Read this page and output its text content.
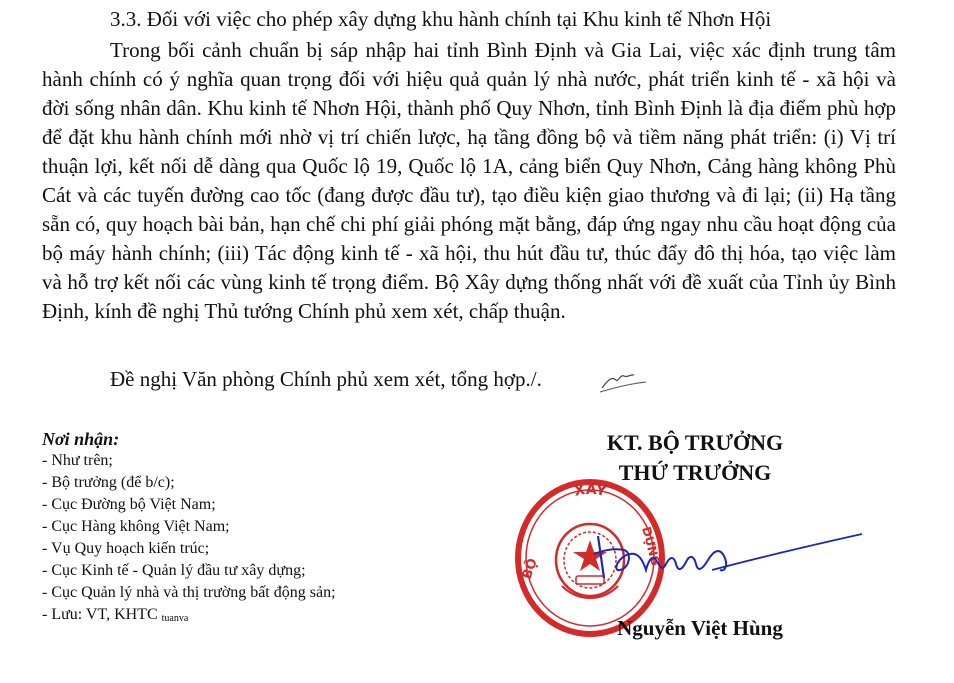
3.3. Đối với việc cho phép xây dựng khu hành chính tại Khu kinh tế Nhơn Hội

Trong bối cảnh chuẩn bị sáp nhập hai tỉnh Bình Định và Gia Lai, việc xác định trung tâm hành chính có ý nghĩa quan trọng đối với hiệu quả quản lý nhà nước, phát triển kinh tế - xã hội và đời sống nhân dân. Khu kinh tế Nhơn Hội, thành phố Quy Nhơn, tỉnh Bình Định là địa điểm phù hợp để đặt khu hành chính mới nhờ vị trí chiến lược, hạ tầng đồng bộ và tiềm năng phát triển: (i) Vị trí thuận lợi, kết nối dễ dàng qua Quốc lộ 19, Quốc lộ 1A, cảng biển Quy Nhơn, Cảng hàng không Phù Cát và các tuyến đường cao tốc (đang được đầu tư), tạo điều kiện giao thương và đi lại; (ii) Hạ tầng sẵn có, quy hoạch bài bản, hạn chế chi phí giải phóng mặt bằng, đáp ứng ngay nhu cầu hoạt động của bộ máy hành chính; (iii) Tác động kinh tế - xã hội, thu hút đầu tư, thúc đẩy đô thị hóa, tạo việc làm và hỗ trợ kết nối các vùng kinh tế trọng điểm. Bộ Xây dựng thống nhất với đề xuất của Tỉnh ủy Bình Định, kính đề nghị Thủ tướng Chính phủ xem xét, chấp thuận.

Đề nghị Văn phòng Chính phủ xem xét, tổng hợp./.
Nơi nhận:
- Như trên;
- Bộ trưởng (để b/c);
- Cục Đường bộ Việt Nam;
- Cục Hàng không Việt Nam;
- Vụ Quy hoạch kiến trúc;
- Cục Kinh tế - Quản lý đầu tư xây dựng;
- Cục Quản lý nhà và thị trường bất động sản;
- Lưu: VT, KHTC tuanva
KT. BỘ TRƯỞNG
THỨ TRƯỞNG
XÂY
BỘ
DỰNG
Nguyễn Việt Hùng
